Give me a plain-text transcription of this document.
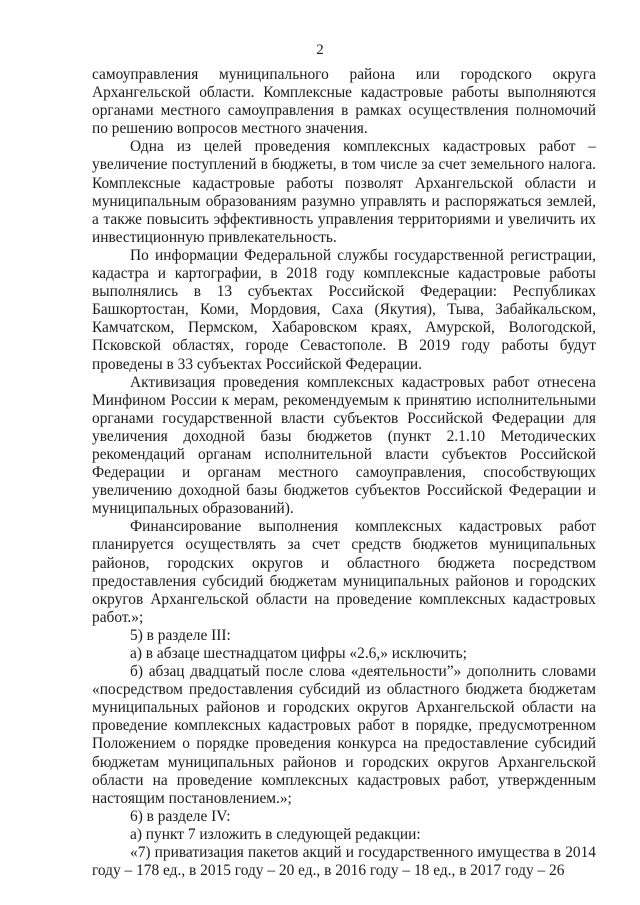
2

самоуправления муниципального района или городского округа Архангельской области. Комплексные кадастровые работы выполняются органами местного самоуправления в рамках осуществления полномочий по решению вопросов местного значения.

Одна из целей проведения комплексных кадастровых работ – увеличение поступлений в бюджеты, в том числе за счет земельного налога. Комплексные кадастровые работы позволят Архангельской области и муниципальным образованиям разумно управлять и распоряжаться землей, а также повысить эффективность управления территориями и увеличить их инвестиционную привлекательность.

По информации Федеральной службы государственной регистрации, кадастра и картографии, в 2018 году комплексные кадастровые работы выполнялись в 13 субъектах Российской Федерации: Республиках Башкортостан, Коми, Мордовия, Саха (Якутия), Тыва, Забайкальском, Камчатском, Пермском, Хабаровском краях, Амурской, Вологодской, Псковской областях, городе Севастополе. В 2019 году работы будут проведены в 33 субъектах Российской Федерации.

Активизация проведения комплексных кадастровых работ отнесена Минфином России к мерам, рекомендуемым к принятию исполнительными органами государственной власти субъектов Российской Федерации для увеличения доходной базы бюджетов (пункт 2.1.10 Методических рекомендаций органам исполнительной власти субъектов Российской Федерации и органам местного самоуправления, способствующих увеличению доходной базы бюджетов субъектов Российской Федерации и муниципальных образований).

Финансирование выполнения комплексных кадастровых работ планируется осуществлять за счет средств бюджетов муниципальных районов, городских округов и областного бюджета посредством предоставления субсидий бюджетам муниципальных районов и городских округов Архангельской области на проведение комплексных кадастровых работ.»;

5) в разделе III:

а) в абзаце шестнадцатом цифры «2.6,» исключить;

б) абзац двадцатый после слова «деятельности”» дополнить словами «посредством предоставления субсидий из областного бюджета бюджетам муниципальных районов и городских округов Архангельской области на проведение комплексных кадастровых работ в порядке, предусмотренном Положением о порядке проведения конкурса на предоставление субсидий бюджетам муниципальных районов и городских округов Архангельской области на проведение комплексных кадастровых работ, утвержденным настоящим постановлением.»;

6) в разделе IV:

а) пункт 7 изложить в следующей редакции:

«7) приватизация пакетов акций и государственного имущества в 2014 году – 178 ед., в 2015 году – 20 ед., в 2016 году – 18 ед., в 2017 году – 26
